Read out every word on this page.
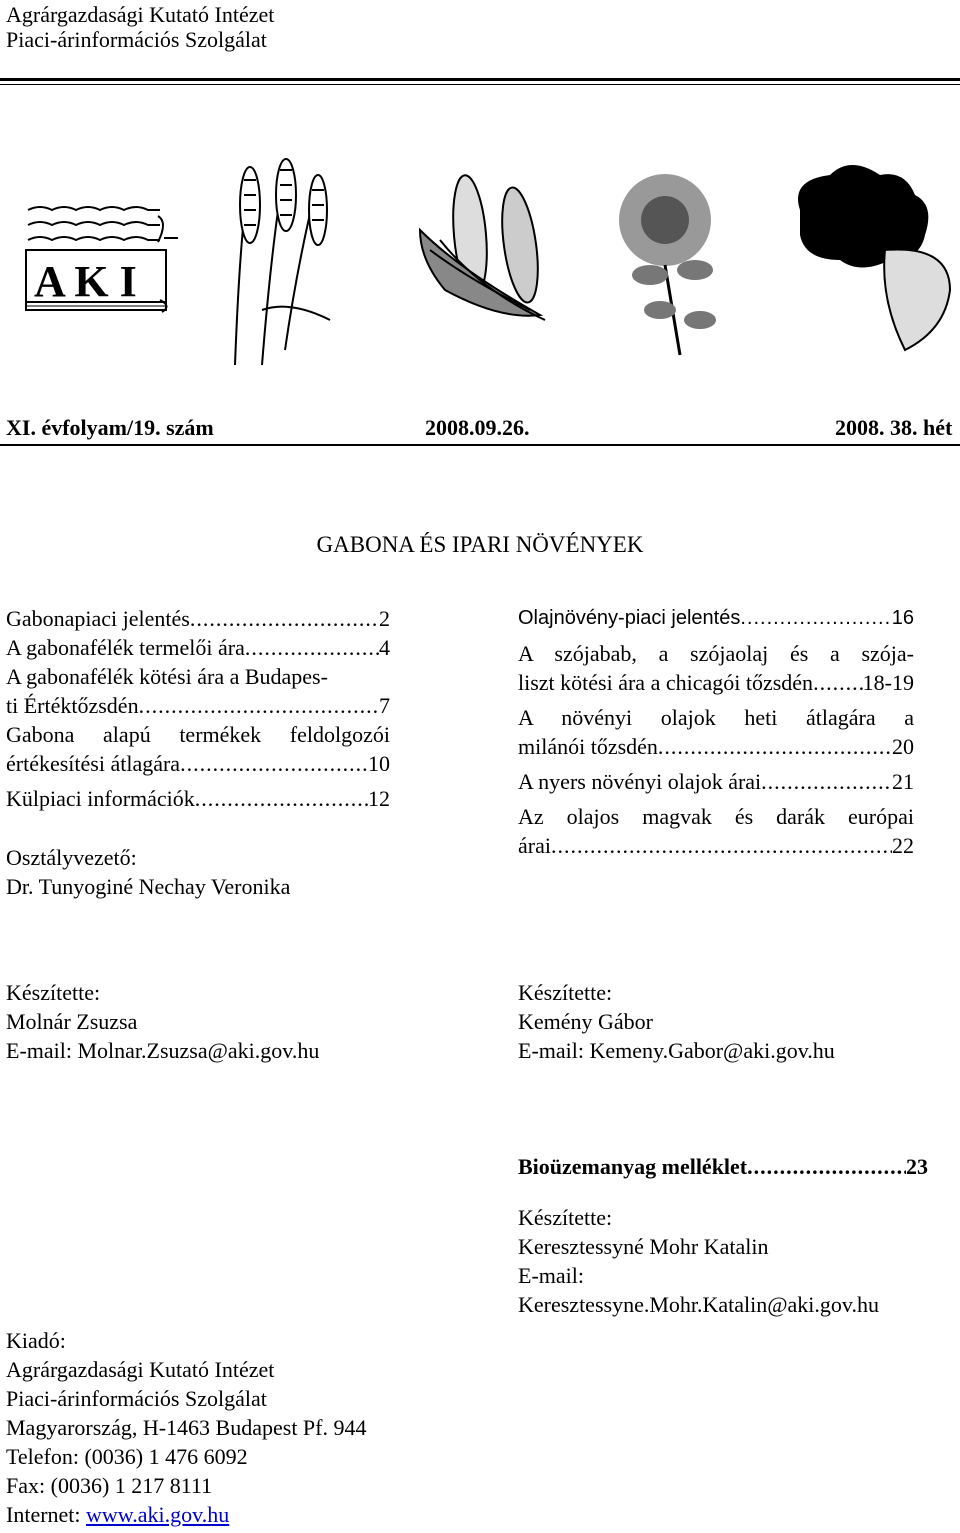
Agrárgazdasági Kutató Intézet
Piaci-árinformációs Szolgálat
A K I
XI. évfolyam/19. szám	2008.09.26.	2008. 38. hét
GABONA ÉS IPARI NÖVÉNYEK
Gabonapiaci jelentés .....	2
A gabonafélék termelői ára .....	4
A gabonafélék kötési ára a Budapes-
ti Értéktőzsdén .....	7
Gabona alapú termékek feldolgozói
értékesítési átlagára .....	10
Külpiaci információk .....	12
Osztályvezető:
Dr. Tunyoginé Nechay Veronika
Olajnövény-piaci jelentés .....	16
A szójabab, a szójaolaj és a szója-
liszt kötési ára a chicagói tőzsdén ..... 18-19
A növényi olajok heti átlagára a
milánói tőzsdén .....	20
A nyers növényi olajok árai .....	21
Az olajos magvak és darák európai
árai .....	22
Készítette:
Molnár Zsuzsa
E-mail: Molnar.Zsuzsa@aki.gov.hu
Készítette:
Kemény Gábor
E-mail: Kemeny.Gabor@aki.gov.hu
Bioüzemanyag melléklet .....	23
Készítette:
Keresztessyné Mohr Katalin
E-mail:
Keresztessyne.Mohr.Katalin@aki.gov.hu
Kiadó:
Agrárgazdasági Kutató Intézet
Piaci-árinformációs Szolgálat
Magyarország, H-1463 Budapest Pf. 944
Telefon: (0036) 1 476 6092
Fax: (0036) 1 217 8111
Internet: www.aki.gov.hu
